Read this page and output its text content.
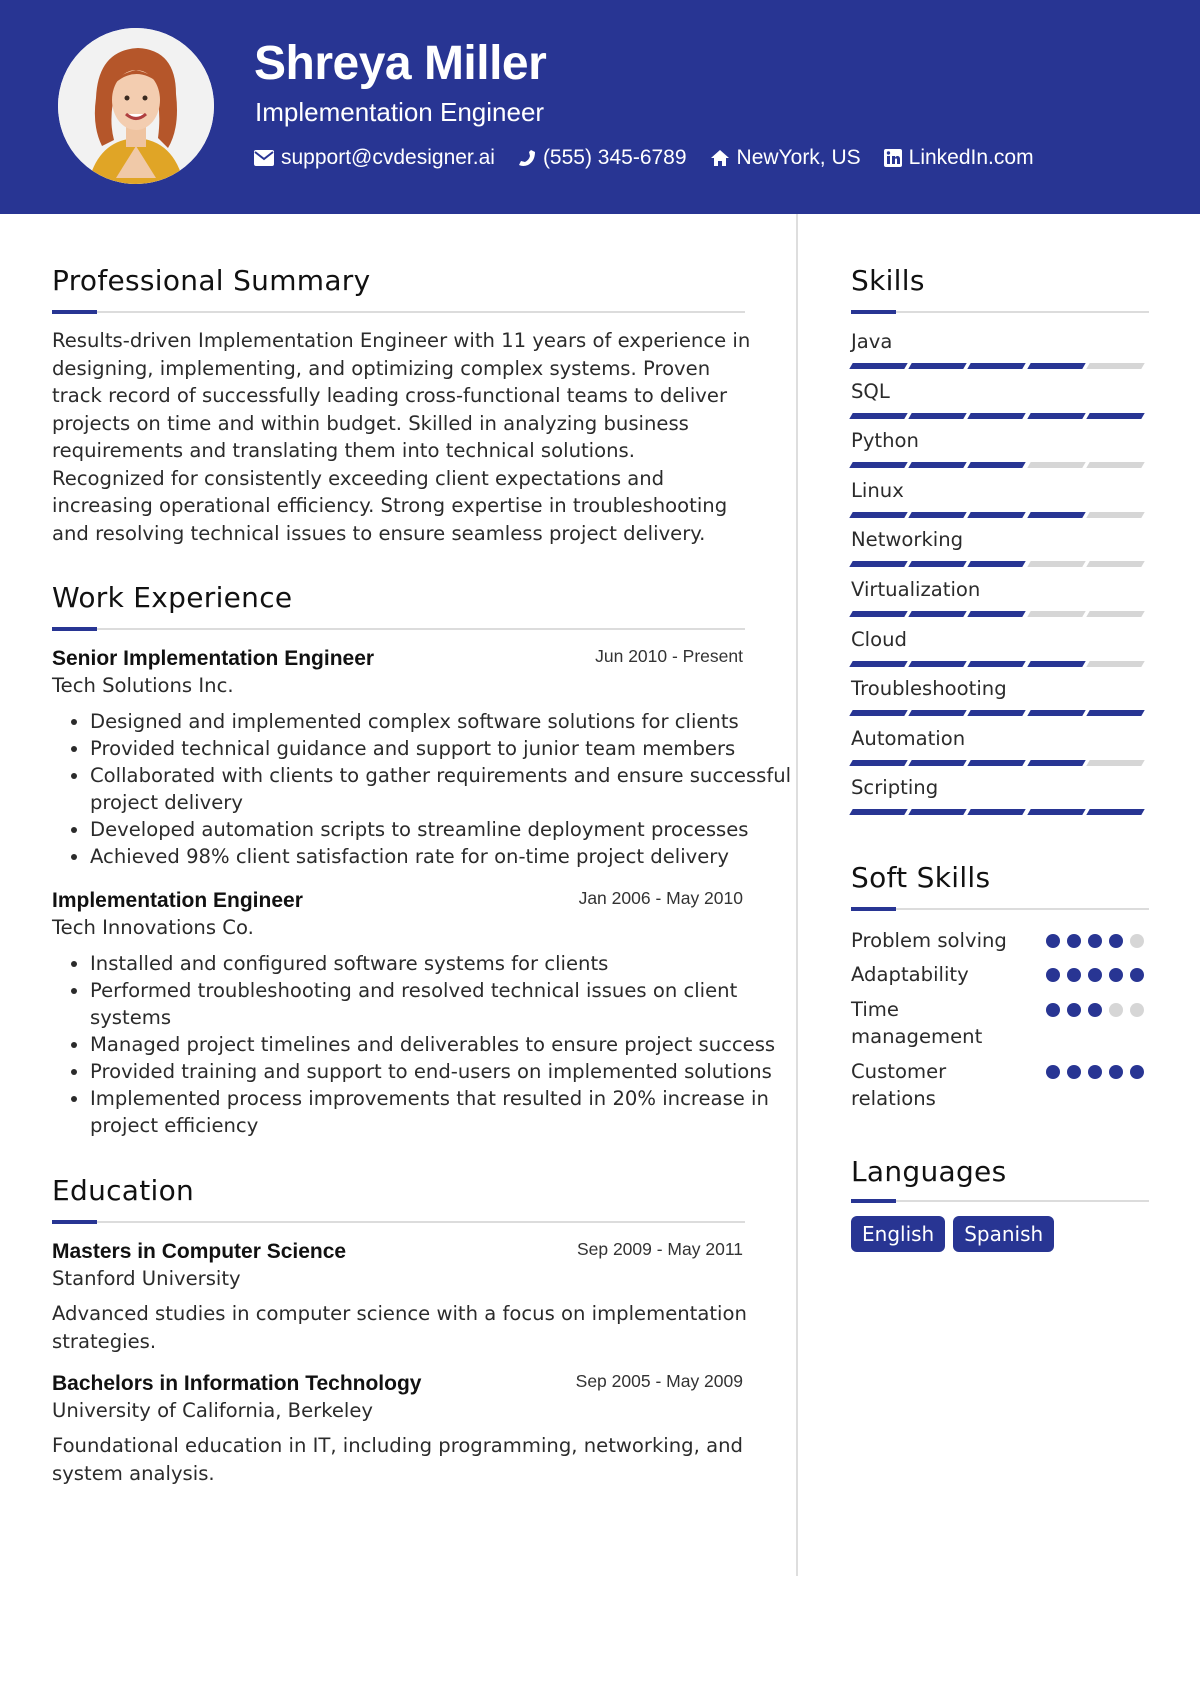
Shreya Miller
Implementation Engineer
support@cvdesigner.ai (555) 345-6789 NewYork, US LinkedIn.com
Professional Summary
Results-driven Implementation Engineer with 11 years of experience in designing, implementing, and optimizing complex systems. Proven track record of successfully leading cross-functional teams to deliver projects on time and within budget. Skilled in analyzing business requirements and translating them into technical solutions. Recognized for consistently exceeding client expectations and increasing operational efficiency. Strong expertise in troubleshooting and resolving technical issues to ensure seamless project delivery.
Work Experience
Senior Implementation Engineer	Jun 2010 - Present
Tech Solutions Inc.
• Designed and implemented complex software solutions for clients
• Provided technical guidance and support to junior team members
• Collaborated with clients to gather requirements and ensure successful project delivery
• Developed automation scripts to streamline deployment processes
• Achieved 98% client satisfaction rate for on-time project delivery
Implementation Engineer	Jan 2006 - May 2010
Tech Innovations Co.
• Installed and configured software systems for clients
• Performed troubleshooting and resolved technical issues on client systems
• Managed project timelines and deliverables to ensure project success
• Provided training and support to end-users on implemented solutions
• Implemented process improvements that resulted in 20% increase in project efficiency
Education
Masters in Computer Science	Sep 2009 - May 2011
Stanford University
Advanced studies in computer science with a focus on implementation strategies.
Bachelors in Information Technology	Sep 2005 - May 2009
University of California, Berkeley
Foundational education in IT, including programming, networking, and system analysis.
Skills
Java
SQL
Python
Linux
Networking
Virtualization
Cloud
Troubleshooting
Automation
Scripting
Soft Skills
Problem solving
Adaptability
Time management
Customer relations
Languages
English	Spanish
